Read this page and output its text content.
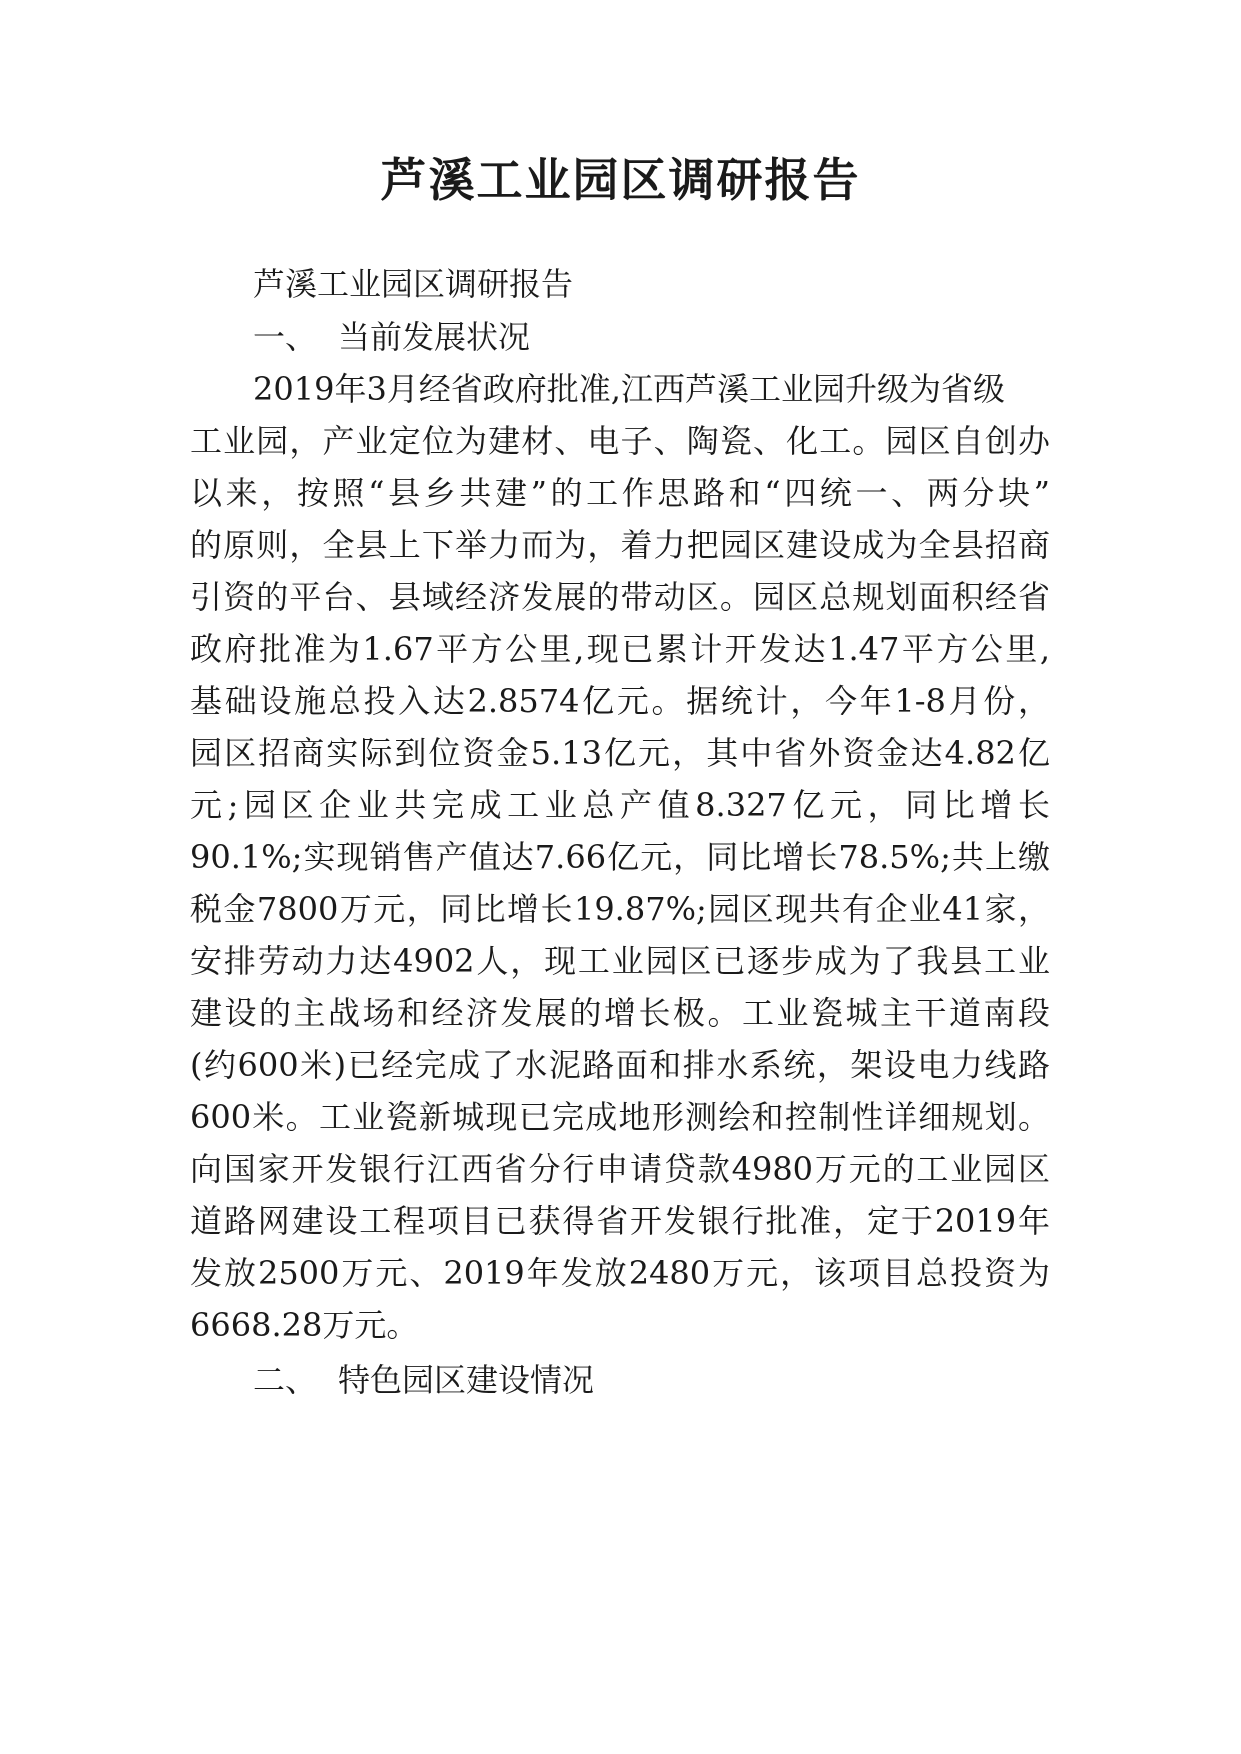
芦溪工业园区调研报告

芦溪工业园区调研报告

一、 当前发展状况

2019年3月经省政府批准,江西芦溪工业园升级为省级

工业园，产业定位为建材、电子、陶瓷、化工。园区自创办

以来，按照“县乡共建”的工作思路和“四统一、两分块”

的原则，全县上下举力而为，着力把园区建设成为全县招商

引资的平台、县域经济发展的带动区。园区总规划面积经省

政府批准为1.67平方公里,现已累计开发达1.47平方公里,

基础设施总投入达2.8574亿元。据统计，今年1-8月份，

园区招商实际到位资金5.13亿元，其中省外资金达4.82亿

元;园区企业共完成工业总产值8.327亿元，同比增长

90.1%;实现销售产值达7.66亿元，同比增长78.5%;共上缴

税金7800万元，同比增长19.87%;园区现共有企业41家，

安排劳动力达4902人，现工业园区已逐步成为了我县工业

建设的主战场和经济发展的增长极。工业瓷城主干道南段

(约600米)已经完成了水泥路面和排水系统，架设电力线路

600米。工业瓷新城现已完成地形测绘和控制性详细规划。

向国家开发银行江西省分行申请贷款4980万元的工业园区

道路网建设工程项目已获得省开发银行批准，定于2019年

发放2500万元、2019年发放2480万元，该项目总投资为

6668.28万元。

二、 特色园区建设情况
